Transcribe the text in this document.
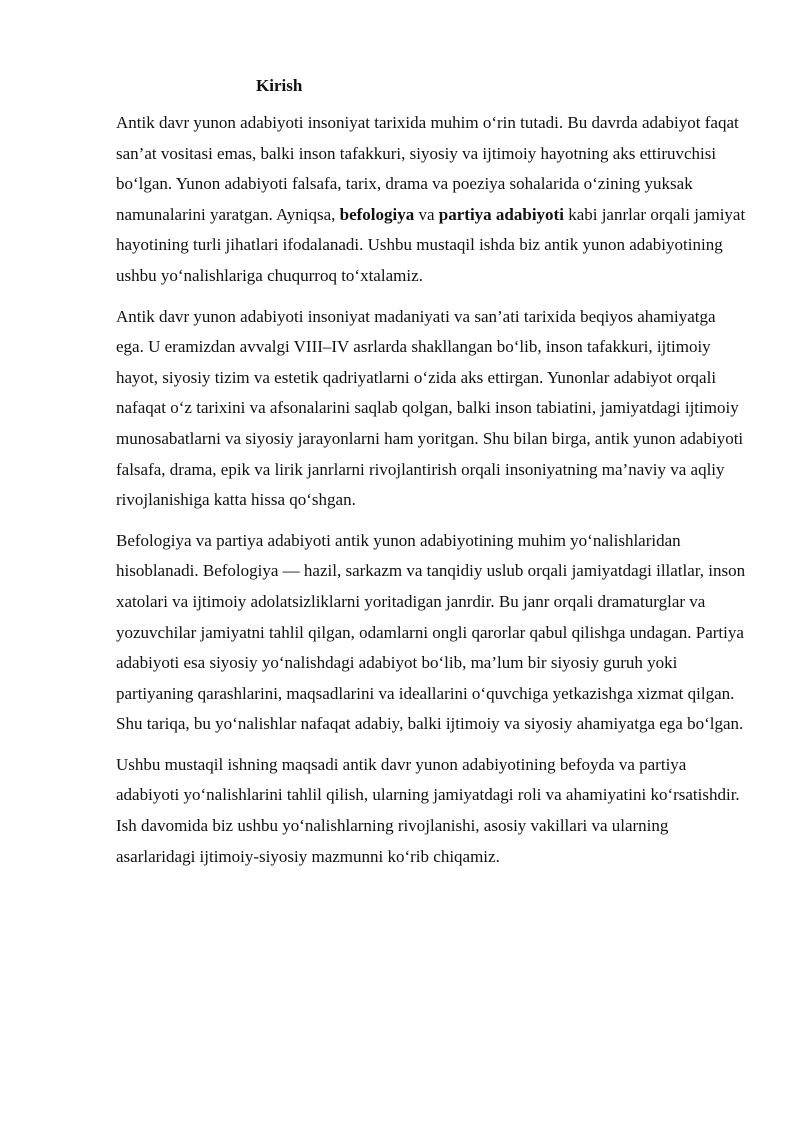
Kirish

Antik davr yunon adabiyoti insoniyat tarixida muhim o‘rin tutadi. Bu davrda adabiyot faqat san’at vositasi emas, balki inson tafakkuri, siyosiy va ijtimoiy hayotning aks ettiruvchisi bo‘lgan. Yunon adabiyoti falsafa, tarix, drama va poeziya sohalarida o‘zining yuksak namunalarini yaratgan. Ayniqsa, befologiya va partiya adabiyoti kabi janrlar orqali jamiyat hayotining turli jihatlari ifodalanadi. Ushbu mustaqil ishda biz antik yunon adabiyotining ushbu yo‘nalishlariga chuqurroq to‘xtalamiz.

Antik davr yunon adabiyoti insoniyat madaniyati va san’ati tarixida beqiyos ahamiyatga ega. U eramizdan avvalgi VIII–IV asrlarda shakllangan bo‘lib, inson tafakkuri, ijtimoiy hayot, siyosiy tizim va estetik qadriyatlarni o‘zida aks ettirgan. Yunonlar adabiyot orqali nafaqat o‘z tarixini va afsonalarini saqlab qolgan, balki inson tabiatini, jamiyatdagi ijtimoiy munosabatlarni va siyosiy jarayonlarni ham yoritgan. Shu bilan birga, antik yunon adabiyoti falsafa, drama, epik va lirik janrlarni rivojlantirish orqali insoniyatning ma’naviy va aqliy rivojlanishiga katta hissa qo‘shgan.

Befologiya va partiya adabiyoti antik yunon adabiyotining muhim yo‘nalishlaridan hisoblanadi. Befologiya — hazil, sarkazm va tanqidiy uslub orqali jamiyatdagi illatlar, inson xatolari va ijtimoiy adolatsizliklarni yoritadigan janrdir. Bu janr orqali dramaturglar va yozuvchilar jamiyatni tahlil qilgan, odamlarni ongli qarorlar qabul qilishga undagan. Partiya adabiyoti esa siyosiy yo‘nalishdagi adabiyot bo‘lib, ma’lum bir siyosiy guruh yoki partiyaning qarashlarini, maqsadlarini va ideallarini o‘quvchiga yetkazishga xizmat qilgan. Shu tariqa, bu yo‘nalishlar nafaqat adabiy, balki ijtimoiy va siyosiy ahamiyatga ega bo‘lgan.

Ushbu mustaqil ishning maqsadi antik davr yunon adabiyotining befoyda va partiya adabiyoti yo‘nalishlarini tahlil qilish, ularning jamiyatdagi roli va ahamiyatini ko‘rsatishdir. Ish davomida biz ushbu yo‘nalishlarning rivojlanishi, asosiy vakillari va ularning asarlaridagi ijtimoiy-siyosiy mazmunni ko‘rib chiqamiz.
